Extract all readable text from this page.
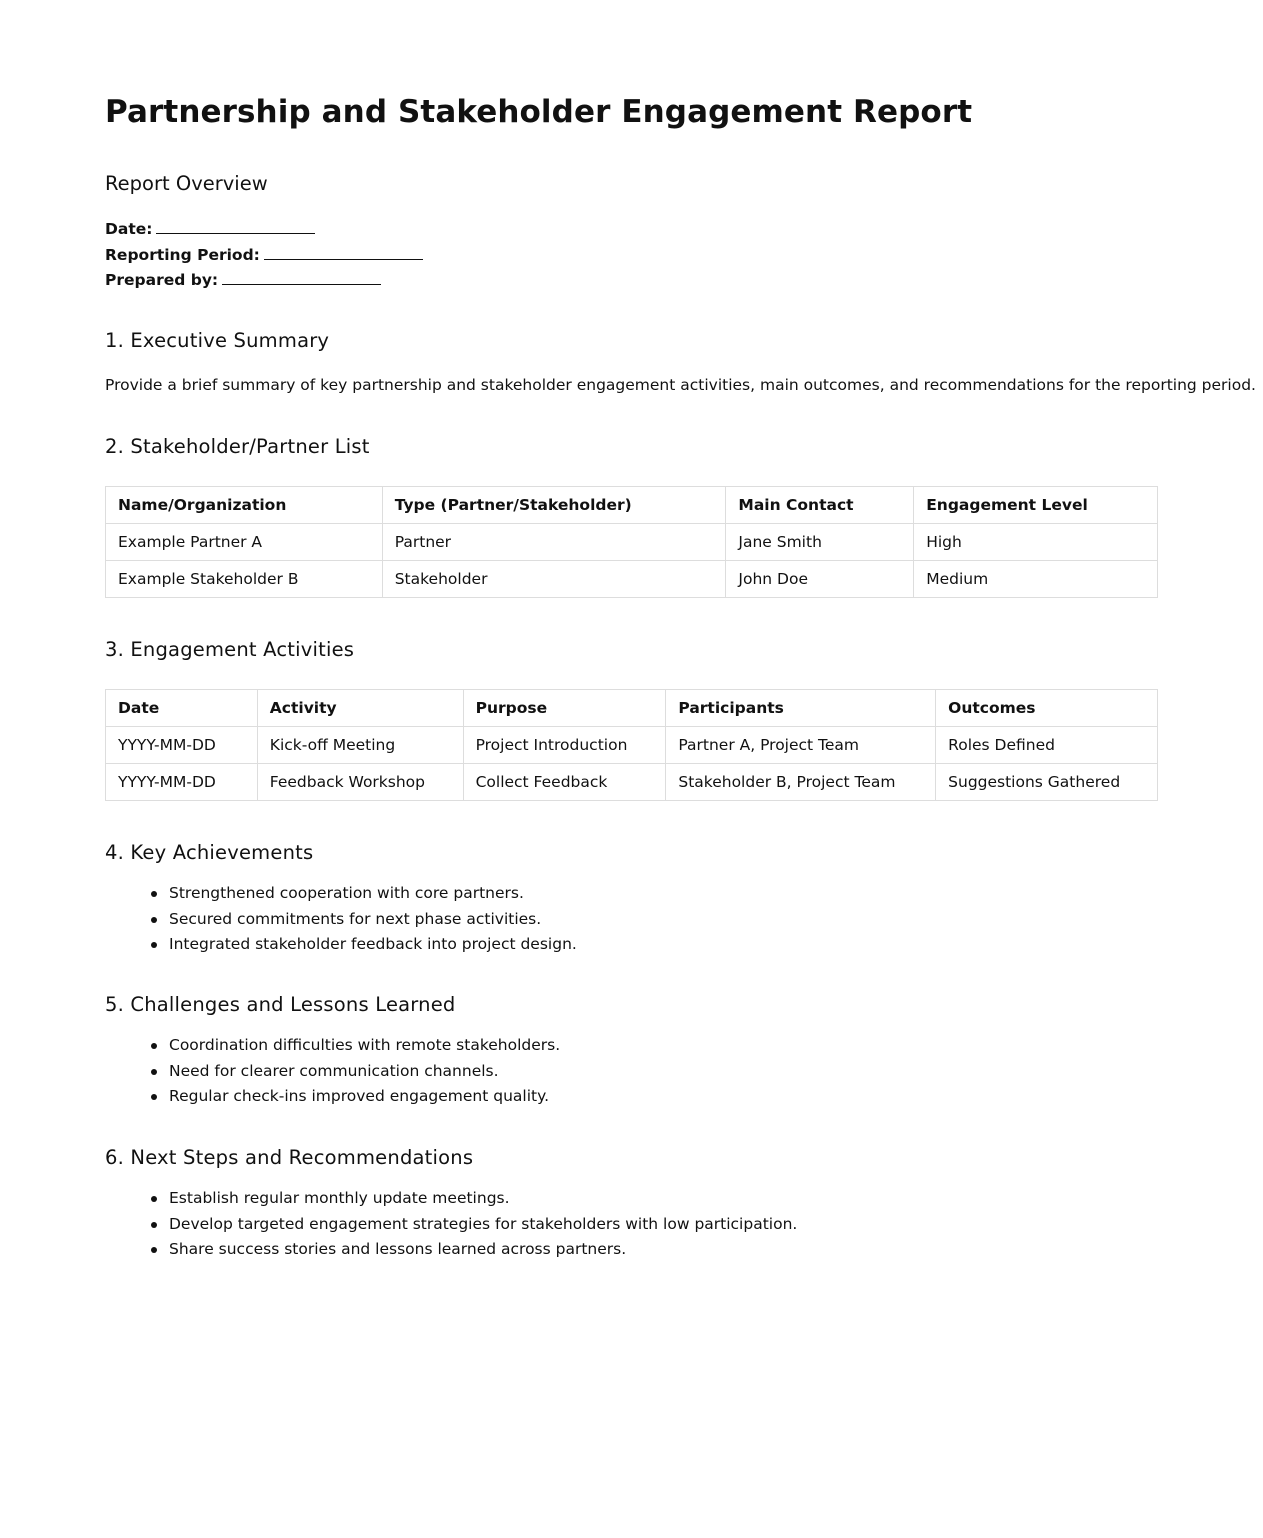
Partnership and Stakeholder Engagement Report
Report Overview
Date:
Reporting Period:
Prepared by:
1. Executive Summary

Provide a brief summary of key partnership and stakeholder engagement activities, main outcomes, and recommendations for the reporting period.

2. Stakeholder/Partner List
Name/Organization	Type (Partner/Stakeholder)	Main Contact	Engagement Level
Example Partner A	Partner	Jane Smith	High
Example Stakeholder B	Stakeholder	John Doe	Medium
3. Engagement Activities
Date	Activity	Purpose	Participants	Outcomes
YYYY-MM-DD	Kick-off Meeting	Project Introduction	Partner A, Project Team	Roles Defined
YYYY-MM-DD	Feedback Workshop	Collect Feedback	Stakeholder B, Project Team	Suggestions Gathered
4. Key Achievements
Strengthened cooperation with core partners.
Secured commitments for next phase activities.
Integrated stakeholder feedback into project design.
5. Challenges and Lessons Learned
Coordination difficulties with remote stakeholders.
Need for clearer communication channels.
Regular check-ins improved engagement quality.
6. Next Steps and Recommendations
Establish regular monthly update meetings.
Develop targeted engagement strategies for stakeholders with low participation.
Share success stories and lessons learned across partners.
